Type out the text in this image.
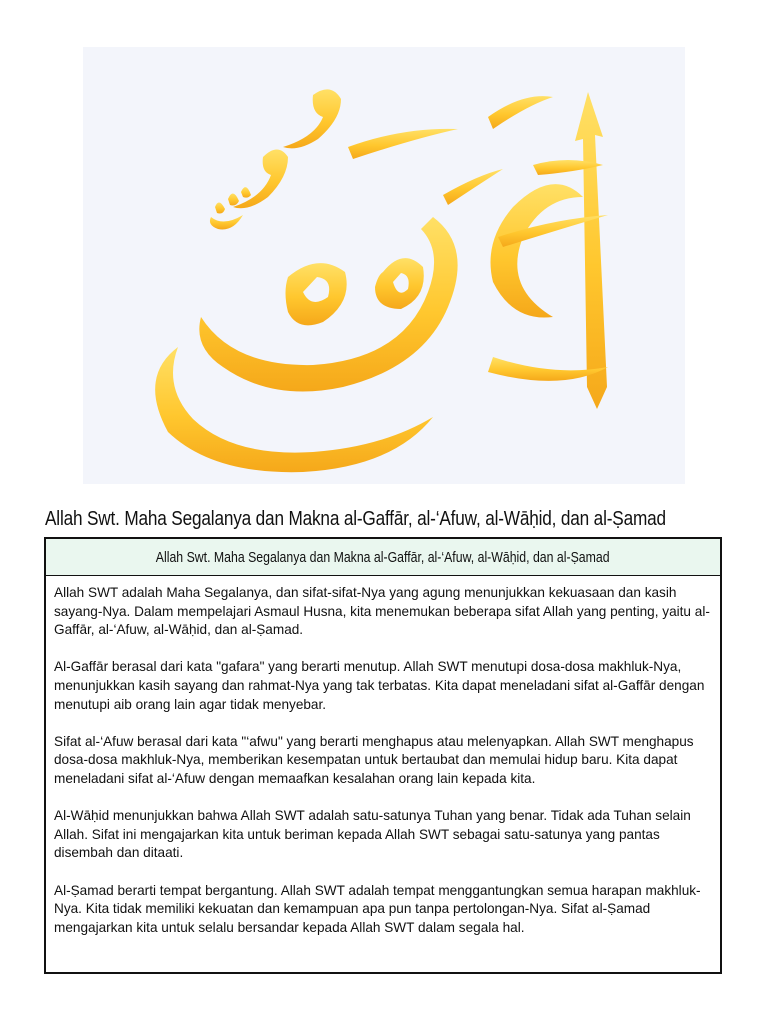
Allah Swt. Maha Segalanya dan Makna al-Gaffār, al-‘Afuw, al-Wāḥid, dan al-Ṣamad
Allah Swt. Maha Segalanya dan Makna al-Gaffār, al-‘Afuw, al-Wāḥid, dan al-Ṣamad

Allah SWT adalah Maha Segalanya, dan sifat-sifat-Nya yang agung menunjukkan kekuasaan dan kasih sayang-Nya. Dalam mempelajari Asmaul Husna, kita menemukan beberapa sifat Allah yang penting, yaitu al-Gaffār, al-‘Afuw, al-Wāḥid, dan al-Ṣamad.

Al-Gaffār berasal dari kata "gafara" yang berarti menutup. Allah SWT menutupi dosa-dosa makhluk-Nya, menunjukkan kasih sayang dan rahmat-Nya yang tak terbatas. Kita dapat meneladani sifat al-Gaffār dengan menutupi aib orang lain agar tidak menyebar.

Sifat al-‘Afuw berasal dari kata "‘afwu" yang berarti menghapus atau melenyapkan. Allah SWT menghapus dosa-dosa makhluk-Nya, memberikan kesempatan untuk bertaubat dan memulai hidup baru. Kita dapat meneladani sifat al-‘Afuw dengan memaafkan kesalahan orang lain kepada kita.

Al-Wāḥid menunjukkan bahwa Allah SWT adalah satu-satunya Tuhan yang benar. Tidak ada Tuhan selain Allah. Sifat ini mengajarkan kita untuk beriman kepada Allah SWT sebagai satu-satunya yang pantas disembah dan ditaati.

Al-Ṣamad berarti tempat bergantung. Allah SWT adalah tempat menggantungkan semua harapan makhluk-Nya. Kita tidak memiliki kekuatan dan kemampuan apa pun tanpa pertolongan-Nya. Sifat al-Ṣamad mengajarkan kita untuk selalu bersandar kepada Allah SWT dalam segala hal.
